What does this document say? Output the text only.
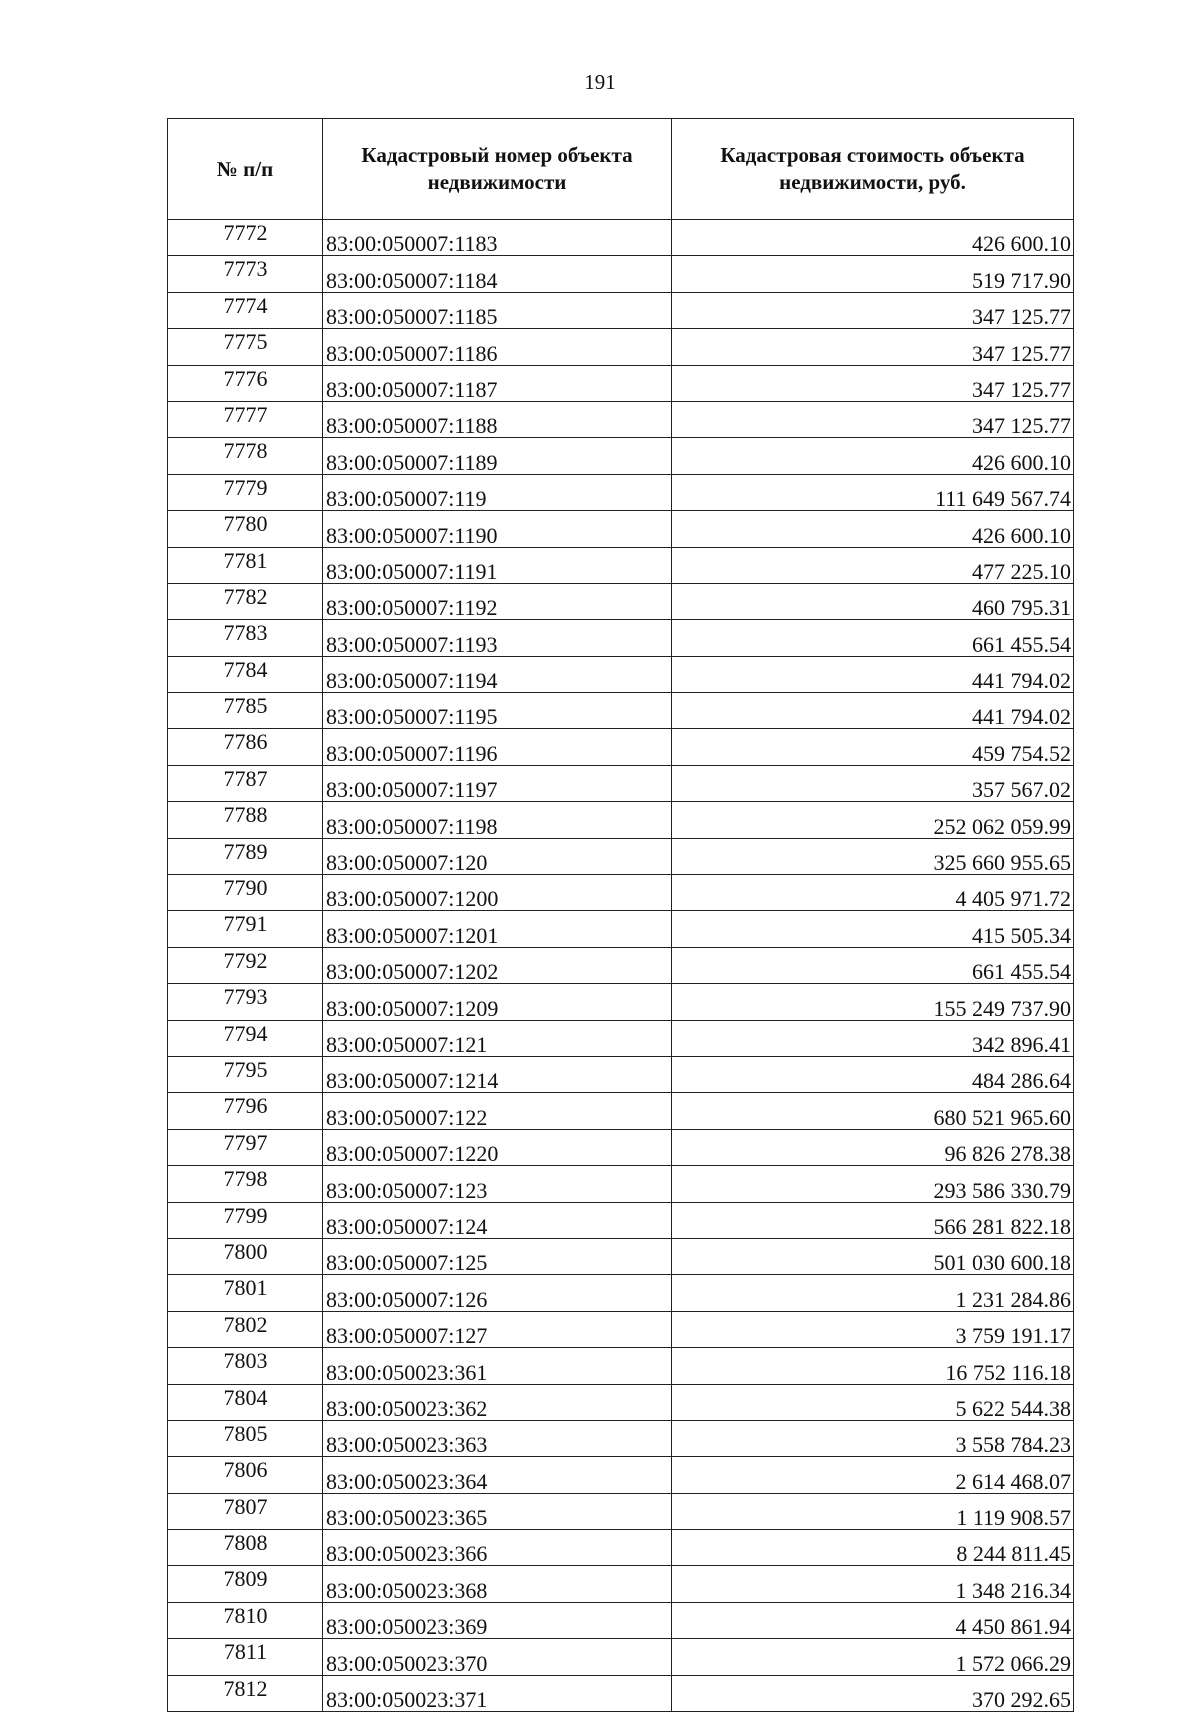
191
№ п/п	Кадастровый номер объекта недвижимости	Кадастровая стоимость объекта недвижимости, руб.
7772	83:00:050007:1183	426 600.10
7773	83:00:050007:1184	519 717.90
7774	83:00:050007:1185	347 125.77
7775	83:00:050007:1186	347 125.77
7776	83:00:050007:1187	347 125.77
7777	83:00:050007:1188	347 125.77
7778	83:00:050007:1189	426 600.10
7779	83:00:050007:119	111 649 567.74
7780	83:00:050007:1190	426 600.10
7781	83:00:050007:1191	477 225.10
7782	83:00:050007:1192	460 795.31
7783	83:00:050007:1193	661 455.54
7784	83:00:050007:1194	441 794.02
7785	83:00:050007:1195	441 794.02
7786	83:00:050007:1196	459 754.52
7787	83:00:050007:1197	357 567.02
7788	83:00:050007:1198	252 062 059.99
7789	83:00:050007:120	325 660 955.65
7790	83:00:050007:1200	4 405 971.72
7791	83:00:050007:1201	415 505.34
7792	83:00:050007:1202	661 455.54
7793	83:00:050007:1209	155 249 737.90
7794	83:00:050007:121	342 896.41
7795	83:00:050007:1214	484 286.64
7796	83:00:050007:122	680 521 965.60
7797	83:00:050007:1220	96 826 278.38
7798	83:00:050007:123	293 586 330.79
7799	83:00:050007:124	566 281 822.18
7800	83:00:050007:125	501 030 600.18
7801	83:00:050007:126	1 231 284.86
7802	83:00:050007:127	3 759 191.17
7803	83:00:050023:361	16 752 116.18
7804	83:00:050023:362	5 622 544.38
7805	83:00:050023:363	3 558 784.23
7806	83:00:050023:364	2 614 468.07
7807	83:00:050023:365	1 119 908.57
7808	83:00:050023:366	8 244 811.45
7809	83:00:050023:368	1 348 216.34
7810	83:00:050023:369	4 450 861.94
7811	83:00:050023:370	1 572 066.29
7812	83:00:050023:371	370 292.65
